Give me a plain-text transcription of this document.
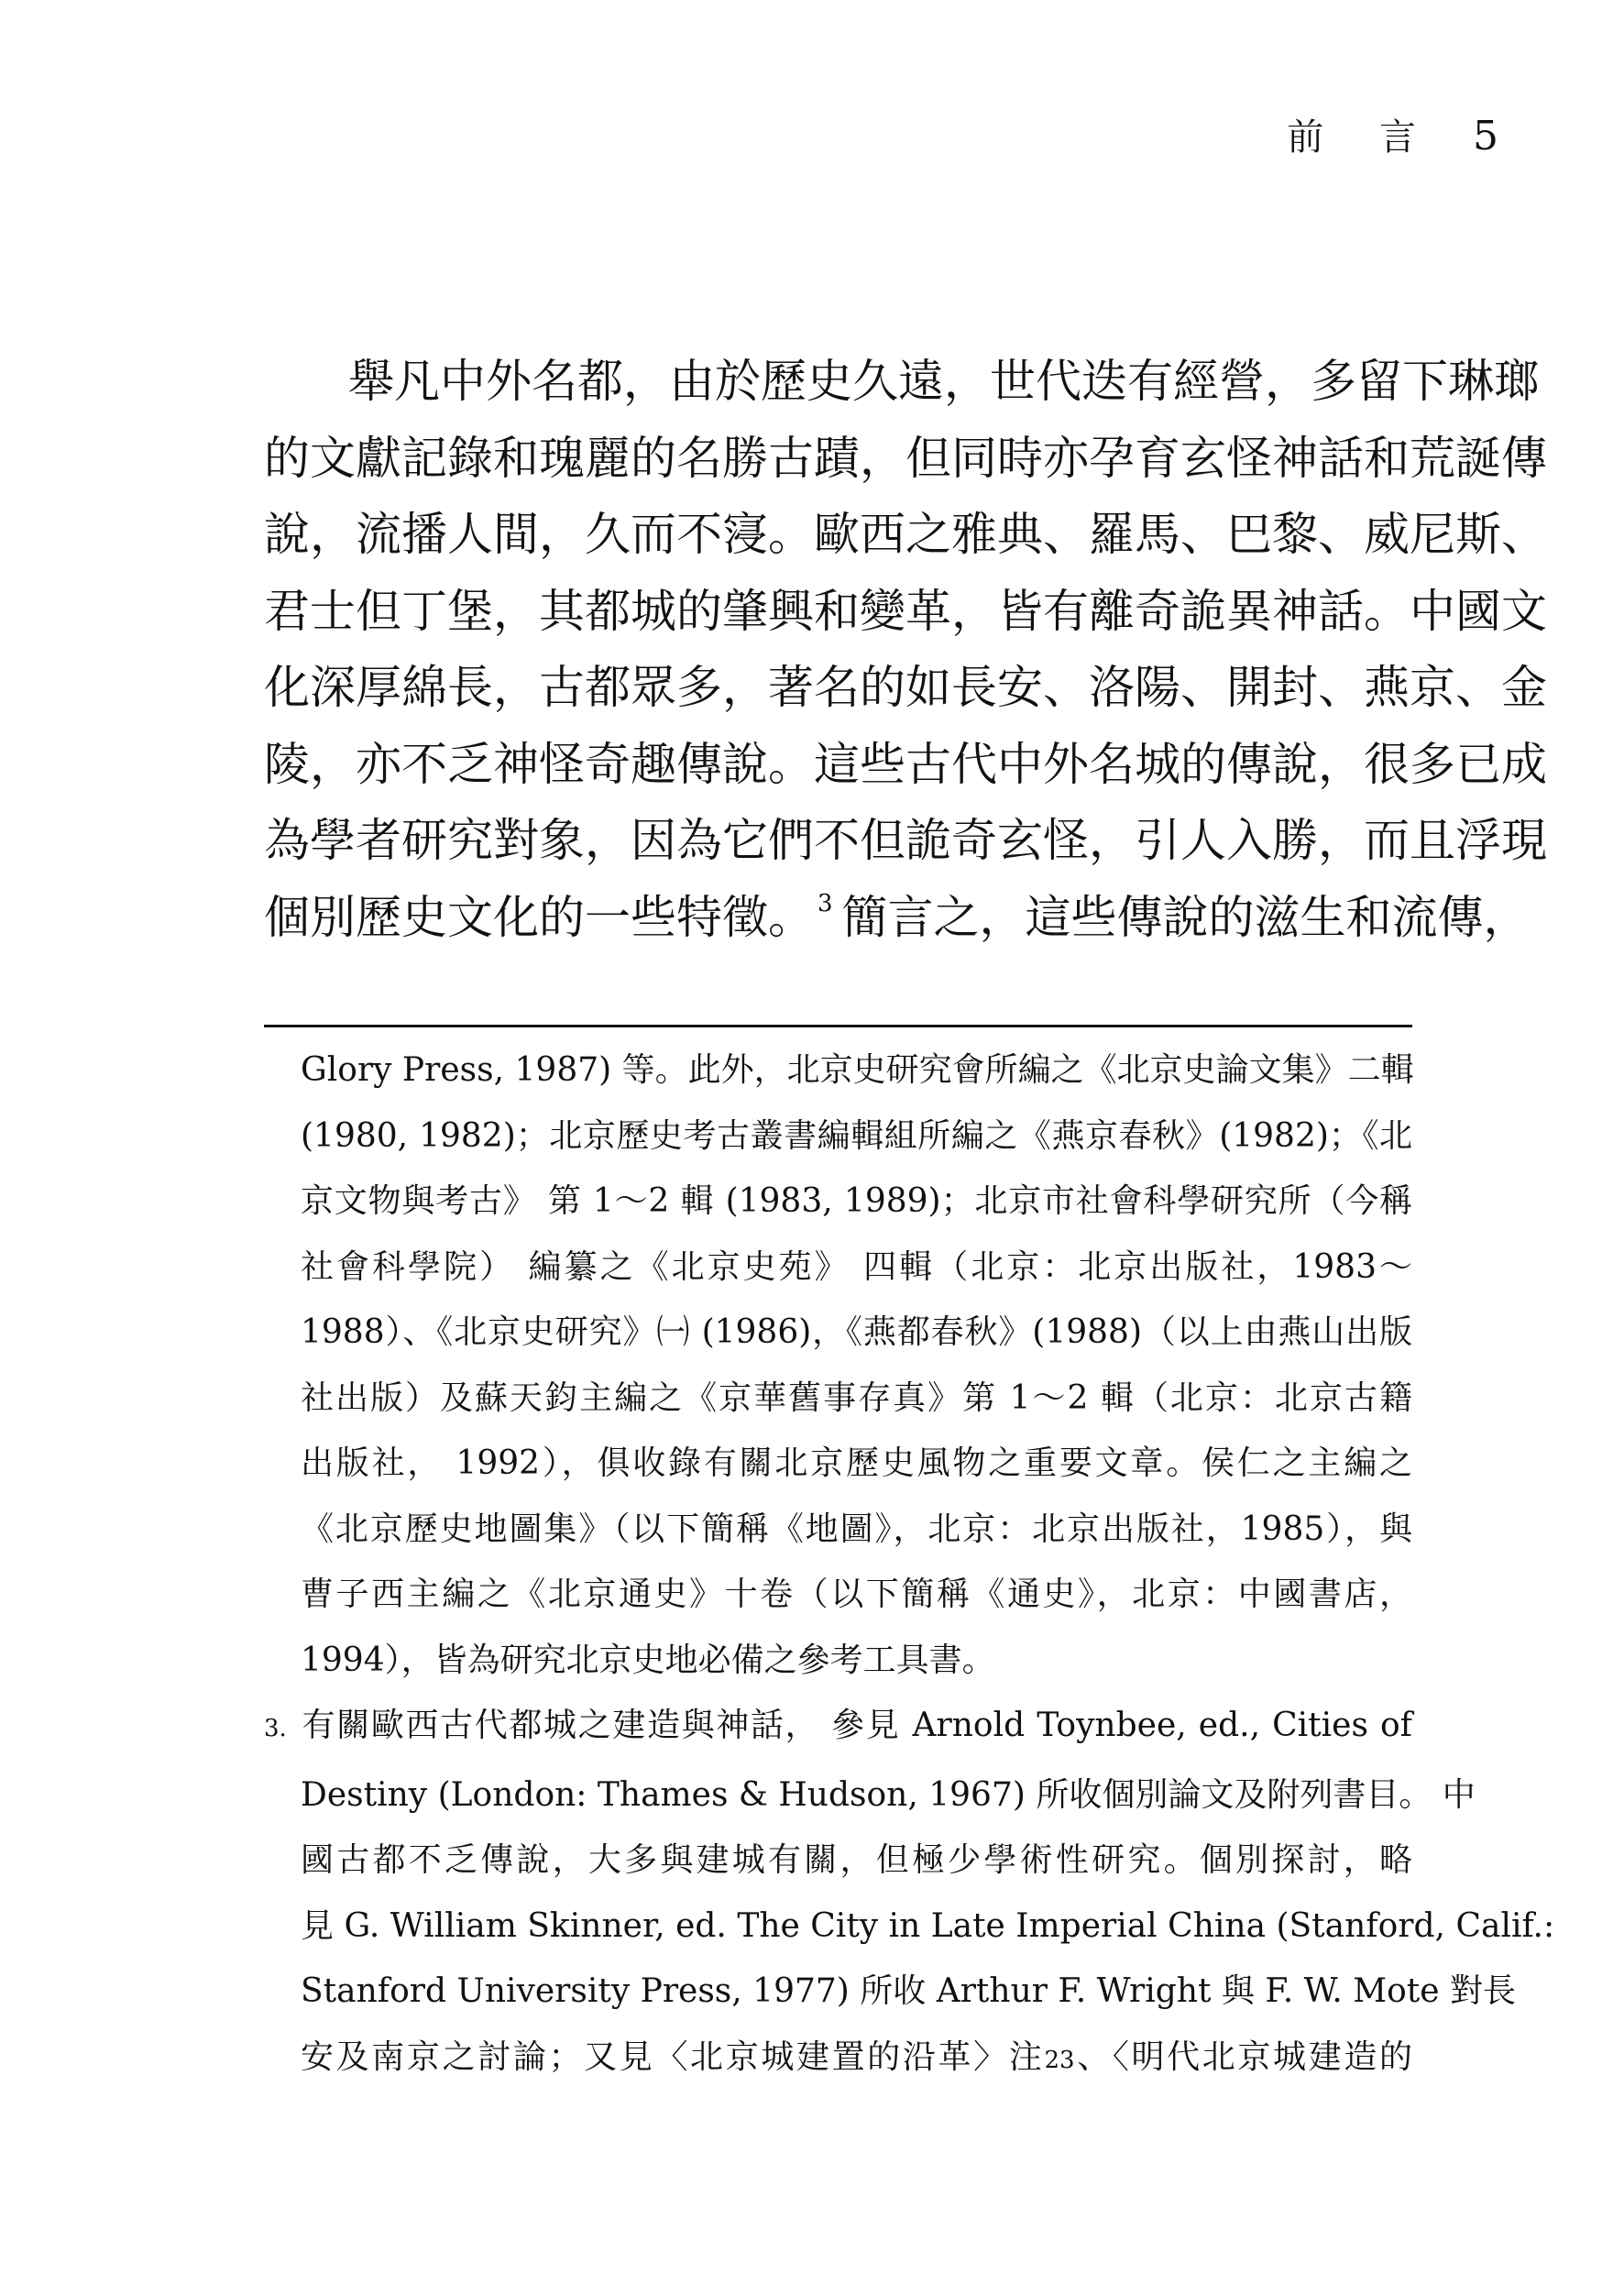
前 言 5
舉凡中外名都，由於歷史久遠，世代迭有經營，多留下琳瑯
的文獻記錄和瑰麗的名勝古蹟，但同時亦孕育玄怪神話和荒誕傳
說，流播人間，久而不寖。歐西之雅典、羅馬、巴黎、威尼斯、
君士但丁堡，其都城的肇興和變革，皆有離奇詭異神話。中國文
化深厚綿長，古都眾多，著名的如長安、洛陽、開封、燕京、金
陵，亦不乏神怪奇趣傳說。這些古代中外名城的傳說，很多已成
為學者研究對象，因為它們不但詭奇玄怪，引人入勝，而且浮現
個別歷史文化的一些特徵。 $^3$ 簡言之，這些傳說的滋生和流傳，
Glory Press, 1987) 等。此外，北京史研究會所編之《北京史論文集》二輯
(1980, 1982)；北京歷史考古叢書編輯組所編之《燕京春秋》(1982)；《北
京文物與考古》 第 1～2 輯 (1983, 1989)；北京市社會科學研究所（今稱
社會科學院） 編纂之《北京史苑》 四輯（北京：北京出版社，1983～
1988）、《北京史研究》㈠ (1986)，《燕都春秋》(1988)（以上由燕山出版
社出版）及蘇天鈞主編之《京華舊事存真》第 1～2 輯（北京：北京古籍
出版社， 1992），俱收錄有關北京歷史風物之重要文章。侯仁之主編之
《北京歷史地圖集》（以下簡稱《地圖》，北京：北京出版社，1985），與
曹子西主編之《北京通史》十卷（以下簡稱《通史》，北京：中國書店，
1994），皆為研究北京史地必備之參考工具書。
3. 有關歐西古代都城之建造與神話， 參見 Arnold Toynbee, ed., Cities of
Destiny (London: Thames & Hudson, 1967) 所收個別論文及附列書目。 中
國古都不乏傳說，大多與建城有關，但極少學術性研究。個別探討，略
見 G. William Skinner, ed. The City in Late Imperial China (Stanford, Calif.:
Stanford University Press, 1977) 所收 Arthur F. Wright 與 F. W. Mote 對長
安及南京之討論；又見〈北京城建置的沿革〉注23、〈明代北京城建造的
